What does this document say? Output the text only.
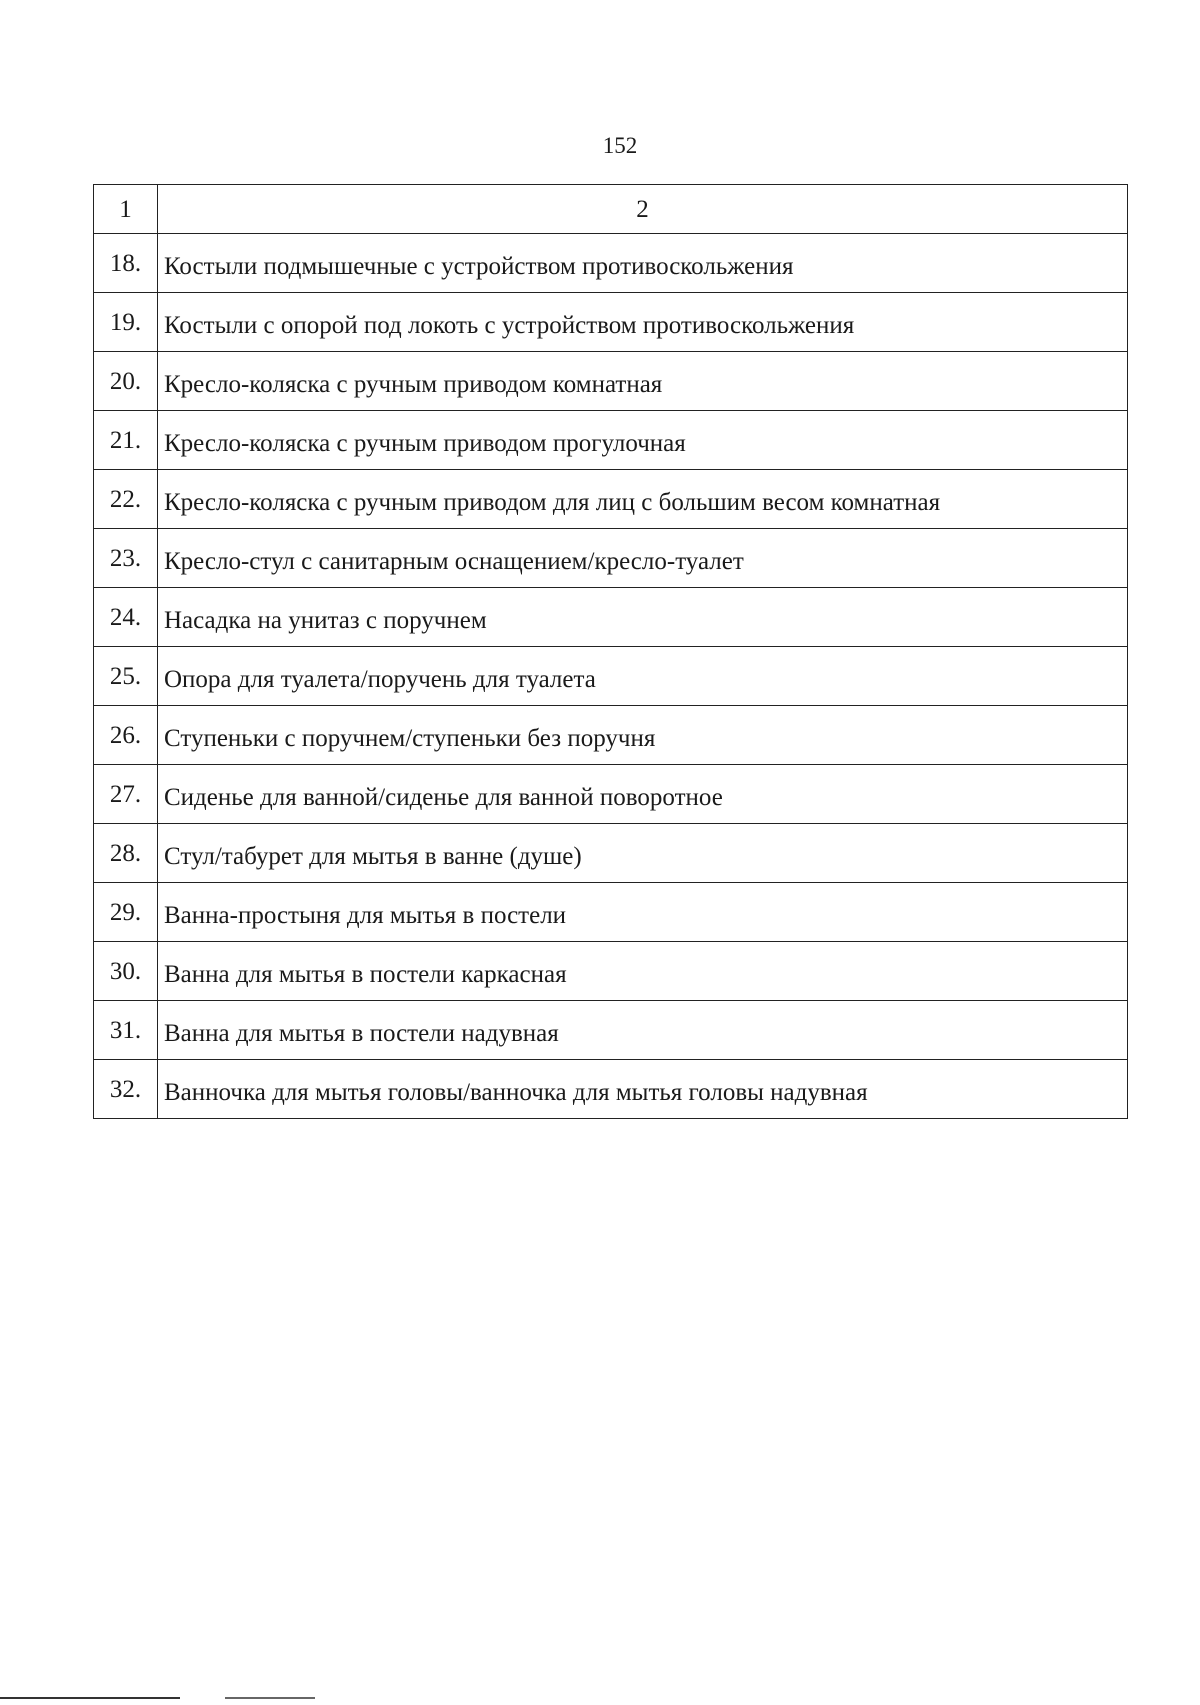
152
1	2
18.	Костыли подмышечные с устройством противоскольжения
19.	Костыли с опорой под локоть с устройством противоскольжения
20.	Кресло-коляска с ручным приводом комнатная
21.	Кресло-коляска с ручным приводом прогулочная
22.	Кресло-коляска с ручным приводом для лиц с большим весом комнатная
23.	Кресло-стул с санитарным оснащением/кресло-туалет
24.	Насадка на унитаз с поручнем
25.	Опора для туалета/поручень для туалета
26.	Ступеньки с поручнем/ступеньки без поручня
27.	Сиденье для ванной/сиденье для ванной поворотное
28.	Стул/табурет для мытья в ванне (душе)
29.	Ванна-простыня для мытья в постели
30.	Ванна для мытья в постели каркасная
31.	Ванна для мытья в постели надувная
32.	Ванночка для мытья головы/ванночка для мытья головы надувная
